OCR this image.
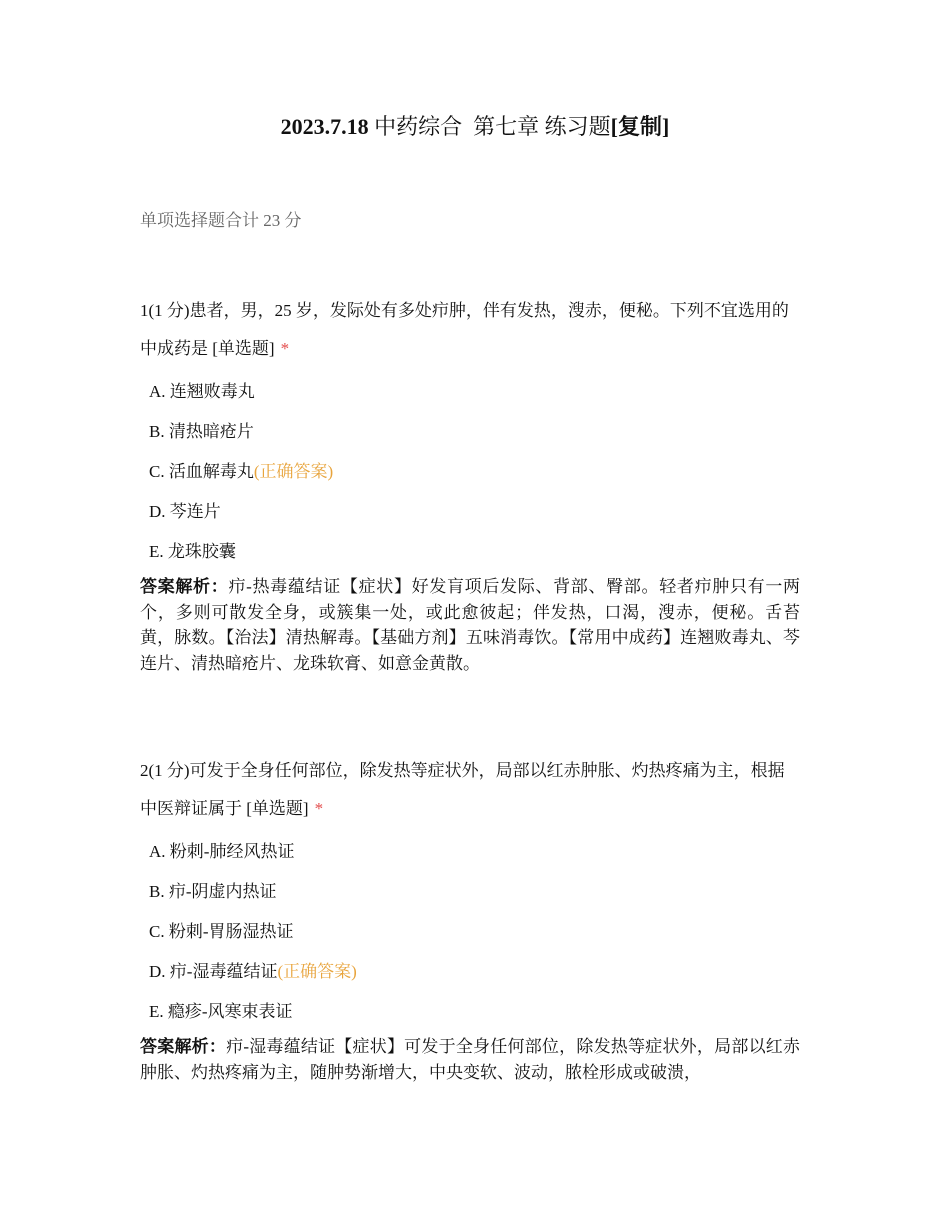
2023.7.18 中药综合  第七章 练习题[复制]
单项选择题合计 23 分
1(1 分)患者，男，25 岁，发际处有多处疖肿，伴有发热，溲赤，便秘。下列不宜选用的中成药是 [单选题] *
A. 连翘败毒丸
B. 清热暗疮片
C. 活血解毒丸(正确答案)
D. 芩连片
E. 龙珠胶囊
答案解析：疖-热毒蕴结证【症状】好发肓项后发际、背部、臀部。轻者疖肿只有一两个，多则可散发全身，或簇集一处，或此愈彼起；伴发热，口渴，溲赤，便秘。舌苔黄，脉数。【治法】清热解毒。【基础方剂】五味消毒饮。【常用中成药】连翘败毒丸、芩连片、清热暗疮片、龙珠软膏、如意金黄散。
2(1 分)可发于全身任何部位，除发热等症状外，局部以红赤肿胀、灼热疼痛为主，根据中医辩证属于 [单选题] *
A. 粉刺-肺经风热证
B. 疖-阴虚内热证
C. 粉刺-胃肠湿热证
D. 疖-湿毒蕴结证(正确答案)
E. 瘾疹-风寒束表证
答案解析：疖-湿毒蕴结证【症状】可发于全身任何部位，除发热等症状外，局部以红赤肿胀、灼热疼痛为主，随肿势渐增大，中央变软、波动，脓栓形成或破溃，
